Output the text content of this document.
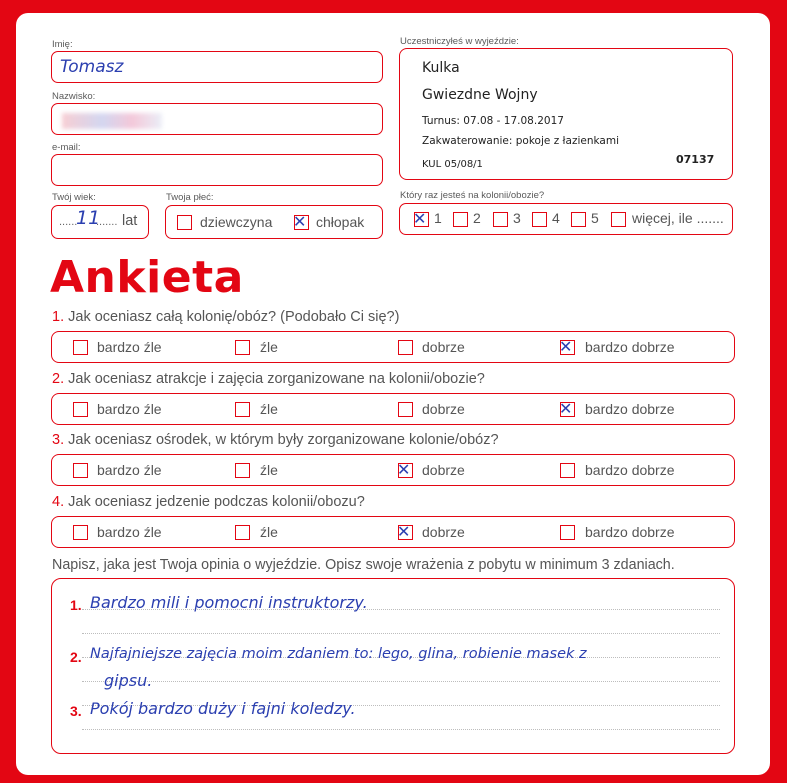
Imię:
Tomasz
Nazwisko:
e-mail:
Twój wiek:
......
11
....... lat
Twoja płeć:
dziewczyna ✕ chłopak
Uczestniczyłeś w wyjeździe:
Kulka
Gwiezdne Wojny
Turnus: 07.08 - 17.08.2017
Zakwaterowanie: pokoje z łazienkami
KUL 05/08/1	07137
Który raz jesteś na kolonii/obozie?
✕ 1 2 3 4 5 więcej, ile .......
Ankieta
1. Jak oceniasz całą kolonię/obóz? (Podobało Ci się?)
bardzo źle	źle	dobrze	✕ bardzo dobrze
2. Jak oceniasz atrakcje i zajęcia zorganizowane na kolonii/obozie?
bardzo źle	źle	dobrze	✕ bardzo dobrze
3. Jak oceniasz ośrodek, w którym były zorganizowane kolonie/obóz?
bardzo źle	źle	✕ dobrze	bardzo dobrze
4. Jak oceniasz jedzenie podczas kolonii/obozu?
bardzo źle	źle	✕ dobrze	bardzo dobrze
Napisz, jaka jest Twoja opinia o wyjeździe. Opisz swoje wrażenia z pobytu w minimum 3 zdaniach.
1.
2.
3.
Bardzo mili i pomocni instruktorzy.
Najfajniejsze zajęcia moim zdaniem to: lego, glina, robienie masek z
gipsu.
Pokój bardzo duży i fajni koledzy.
